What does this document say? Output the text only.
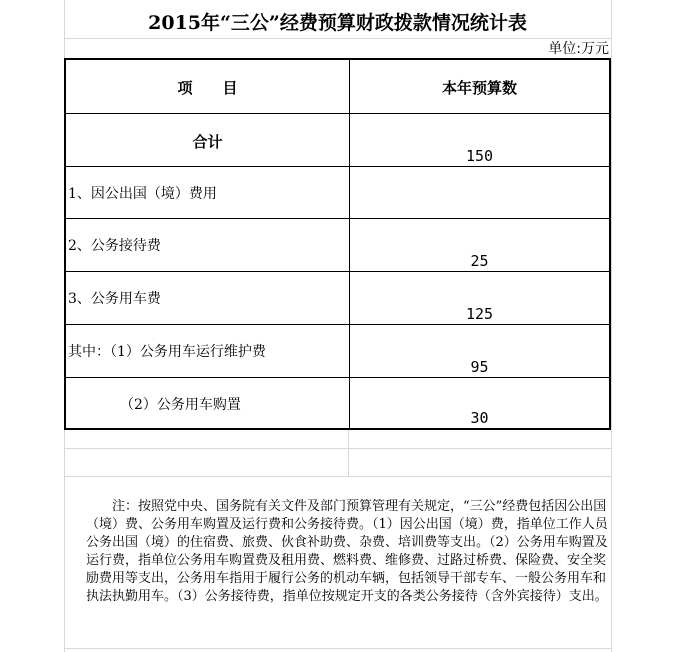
2015年“三公”经费预算财政拨款情况统计表
单位:万元
项　　目	本年预算数
合计
150
1、因公出国（境）费用
2、公务接待费
25
3、公务用车费
125
其中：（1）公务用车运行维护费
95
（2）公务用车购置
30
注：按照党中央、国务院有关文件及部门预算管理有关规定，“三公”经费包括因公出国（境）费、公务用车购置及运行费和公务接待费。（1）因公出国（境）费，指单位工作人员公务出国（境）的住宿费、旅费、伙食补助费、杂费、培训费等支出。（2）公务用车购置及运行费，指单位公务用车购置费及租用费、燃料费、维修费、过路过桥费、保险费、安全奖励费用等支出，公务用车指用于履行公务的机动车辆，包括领导干部专车、一般公务用车和执法执勤用车。（3）公务接待费，指单位按规定开支的各类公务接待（含外宾接待）支出。
